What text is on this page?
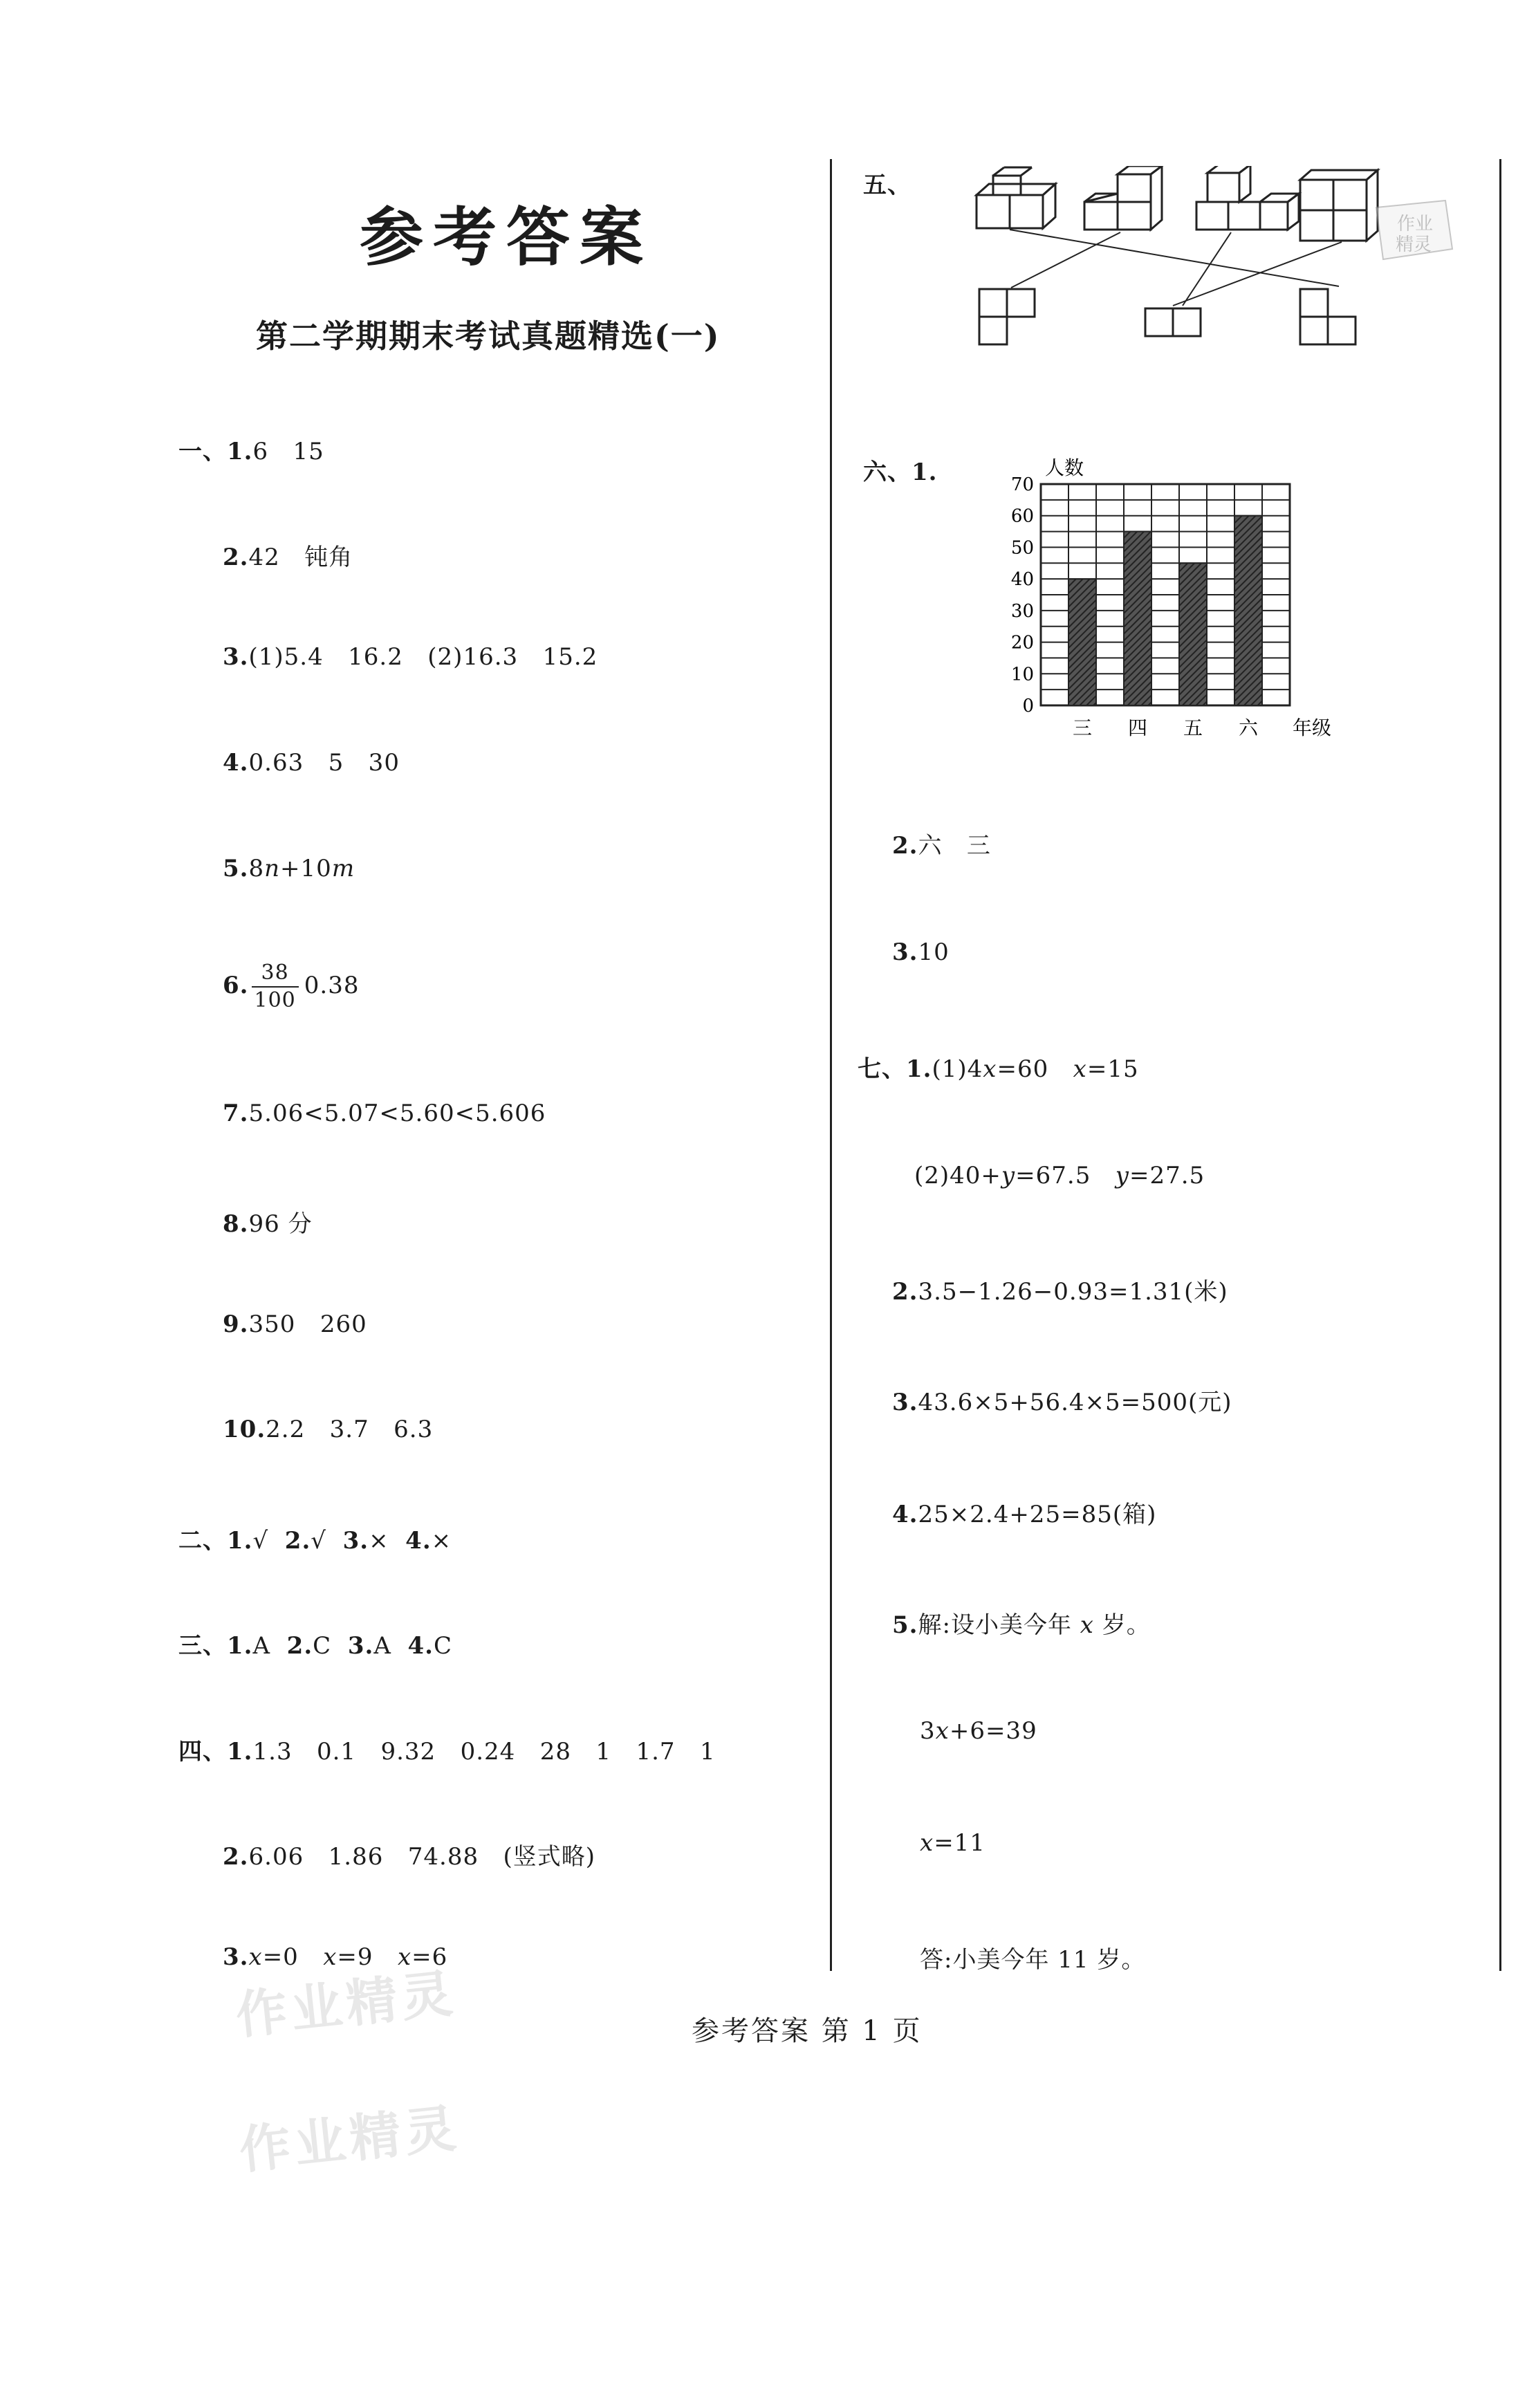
参考答案
第二学期期末考试真题精选(一)
一、1.6   15
2.42   钝角
3.(1)5.4   16.2   (2)16.3   15.2
4.0.63   5   30
5.8n+10m
6. $\frac{38}{100} 0.38$
7.5.06<5.07<5.60<5.606
8.96 分
9.350   260
10.2.2   3.7   6.3
二、1.√  2.√  3.×  4.×
三、1.A  2.C  3.A  4.C
四、1.1.3   0.1   9.32   0.24   28   1   1.7   1
2.6.06   1.86   74.88   (竖式略)
3.x=0   x=9   x=6
五、
作业
精灵
六、1.
三 四 五 六
0
10
20
30
40
50
60
70
人数
年级
2.六   三
3.10
七、1.(1)4x=60   x=15
(2)40+y=67.5   y=27.5
2.3.5−1.26−0.93=1.31(米)
3.43.6×5+56.4×5=500(元)
4.25×2.4+25=85(箱)
5.解:设小美今年 x 岁。
3x+6=39
x=11
答:小美今年 11 岁。
参考答案 第 1 页
作业精灵
作业精灵
